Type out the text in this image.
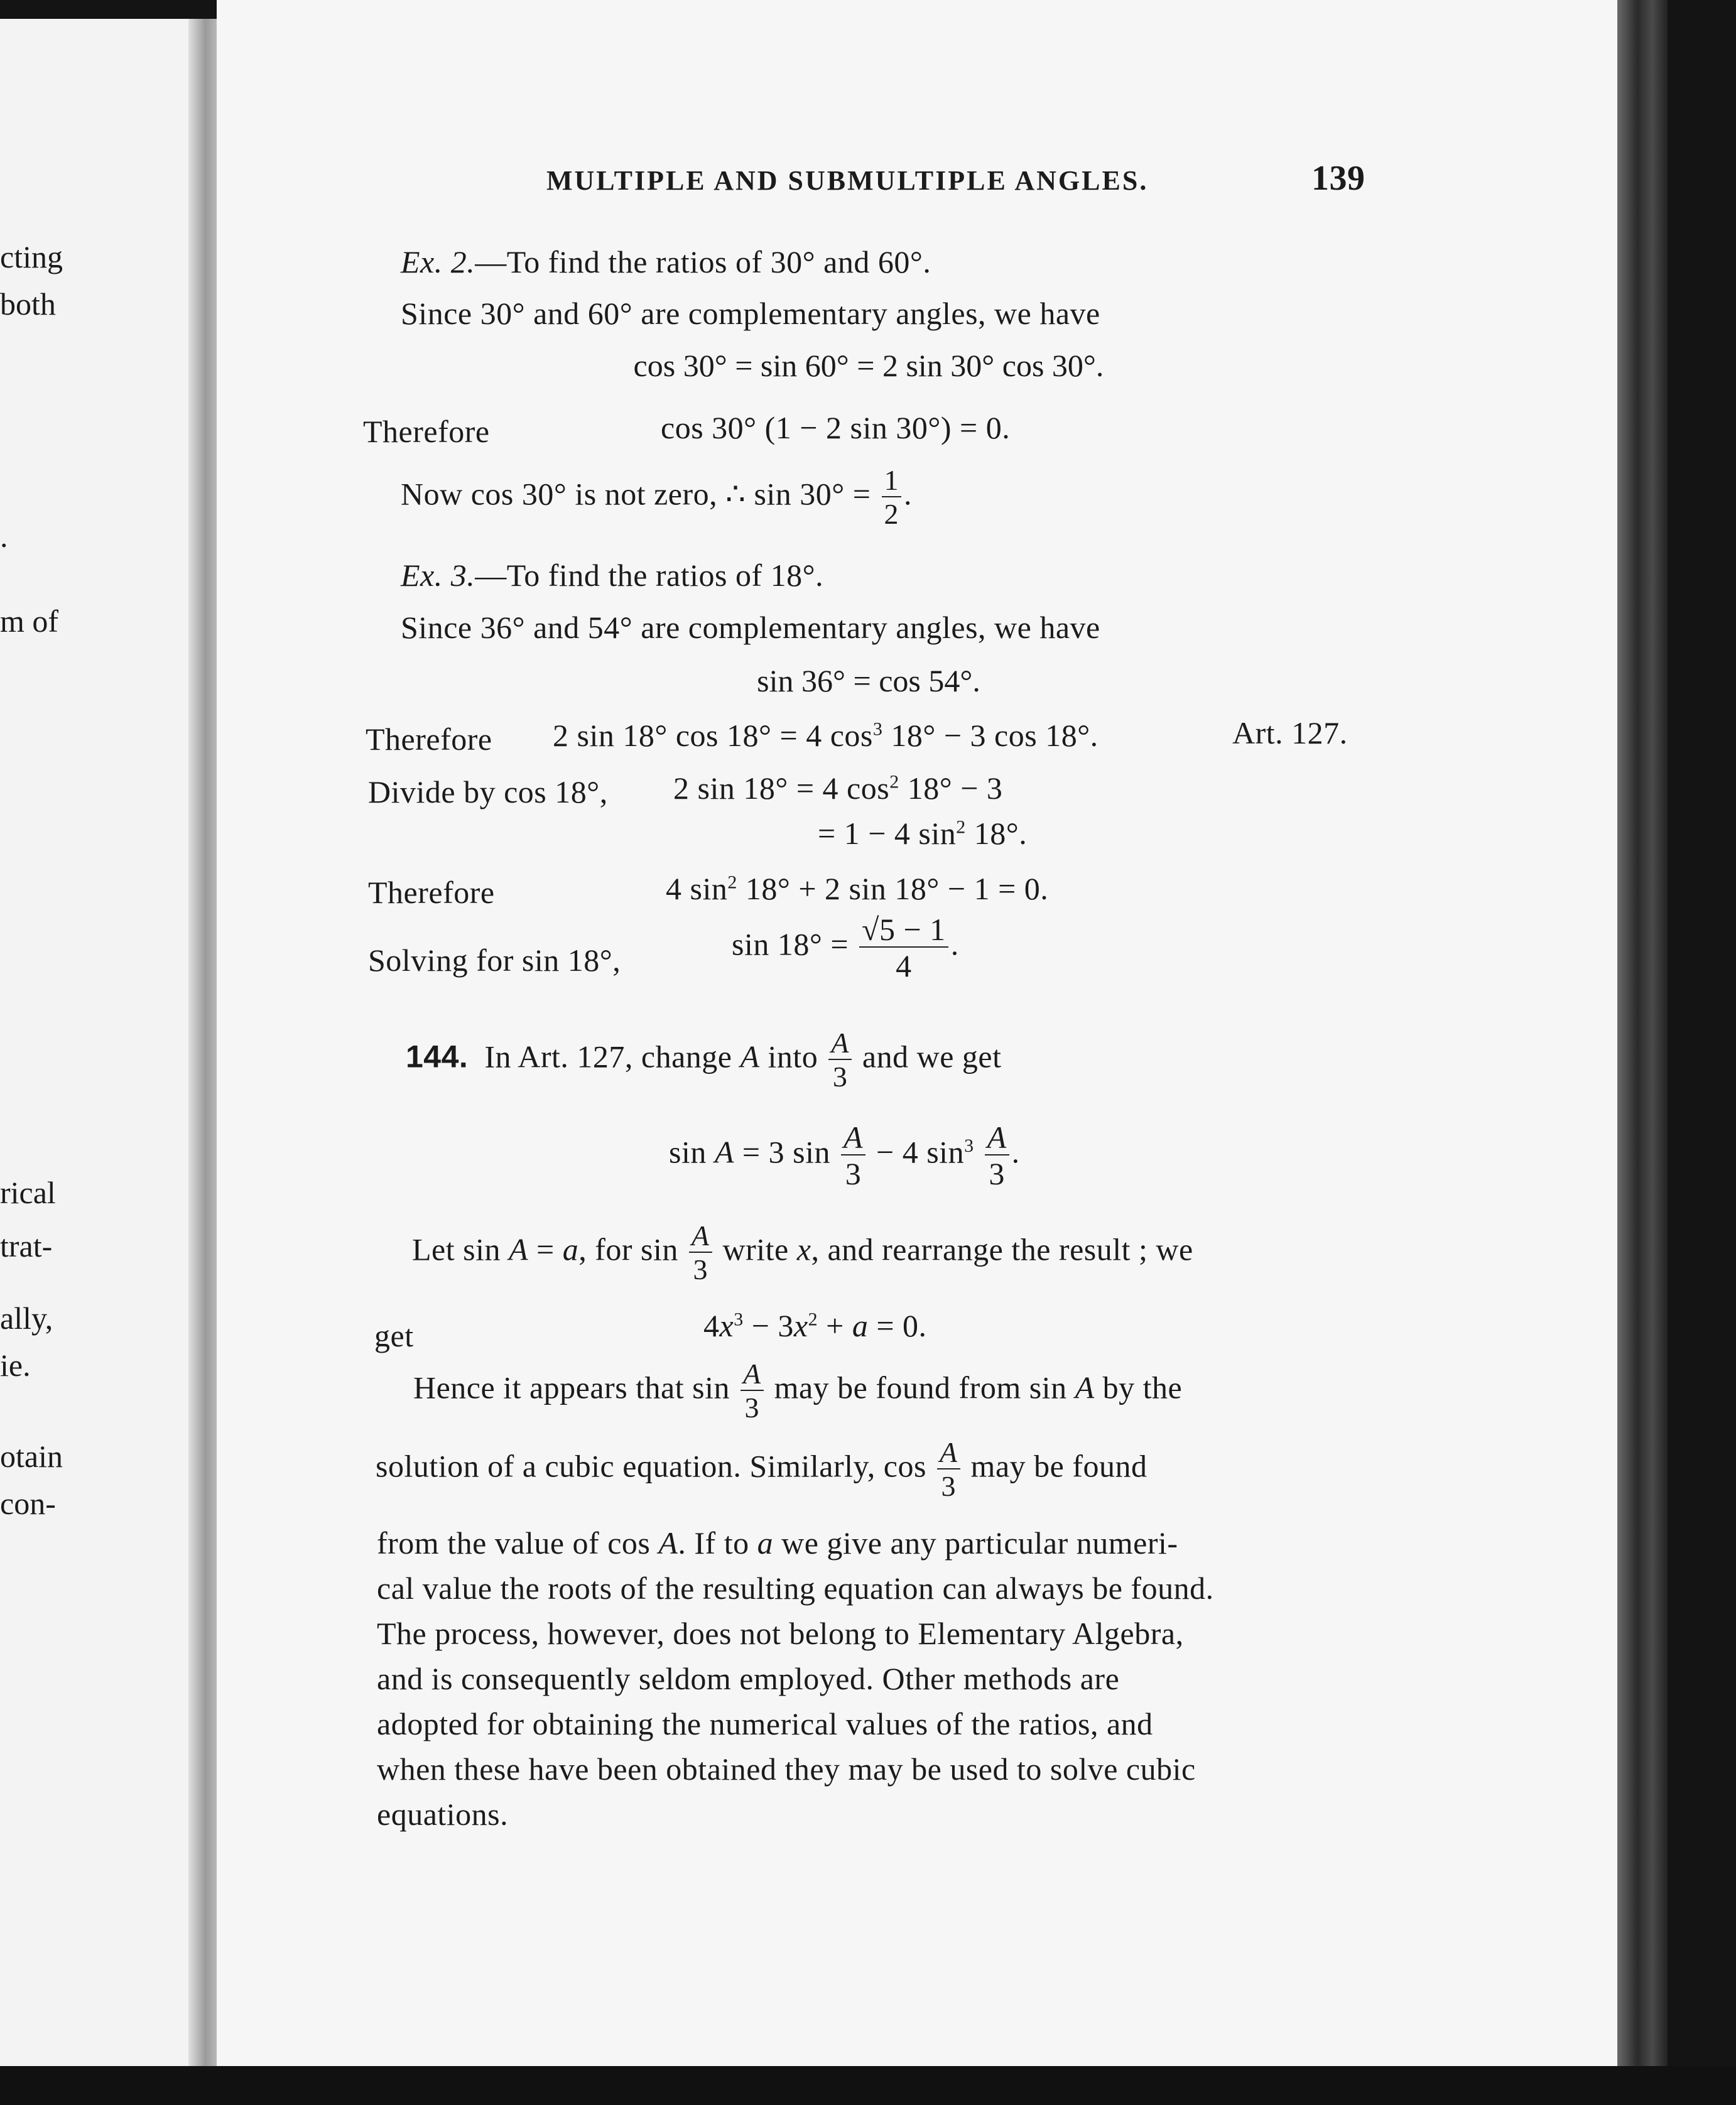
cting
both
.
m of
rical
trat-
ally,
ie.
otain
con-
MULTIPLE AND SUBMULTIPLE ANGLES.	139
Ex. 2.—To find the ratios of 30° and 60°.
Since 30° and 60° are complementary angles, we have
cos 30° = sin 60° = 2 sin 30° cos 30°.
Therefore	cos 30° (1 − 2 sin 30°) = 0.
Now cos 30° is not zero, ∴ $\sin 30^\circ = \frac{1}{2}$ .
Ex. 3.—To find the ratios of 18°.
Since 36° and 54° are complementary angles, we have
sin 36° = cos 54°.
Therefore 2 sin 18° cos 18° = 4 $\cos^3 18^\circ - 3$ cos 18°.	Art. 127.
Divide by cos 18°, 2 sin 18° = 4 $\cos^2 18^\circ - 3$
= 1 − 4 $\sin^2 18^\circ$.
Therefore	4 $\sin^2 18^\circ + 2$ sin 18° − 1 = 0.
Solving for sin 18°,	$\sin 18^\circ = \frac{√5 - 1}{4}$ .
144. In Art. 127, change A into $\frac{A}{3}$ and we get
sin A = 3 $\sin \frac{A}{3} - 4$ $\sin^3 \frac{A}{3}$ .
Let sin A = a, for $\sin \frac{A}{3}$ write x, and rearrange the result ; we
get	$4x^3 - 3x^2 + a = 0$.
Hence it appears that $\sin \frac{A}{3}$ may be found from sin A by the
solution of a cubic equation. Similarly, $\cos \frac{A}{3}$ may be found
from the value of cos A. If to a we give any particular numeri-
cal value the roots of the resulting equation can always be found.
The process, however, does not belong to Elementary Algebra,
and is consequently seldom employed. Other methods are
adopted for obtaining the numerical values of the ratios, and
when these have been obtained they may be used to solve cubic
equations.
